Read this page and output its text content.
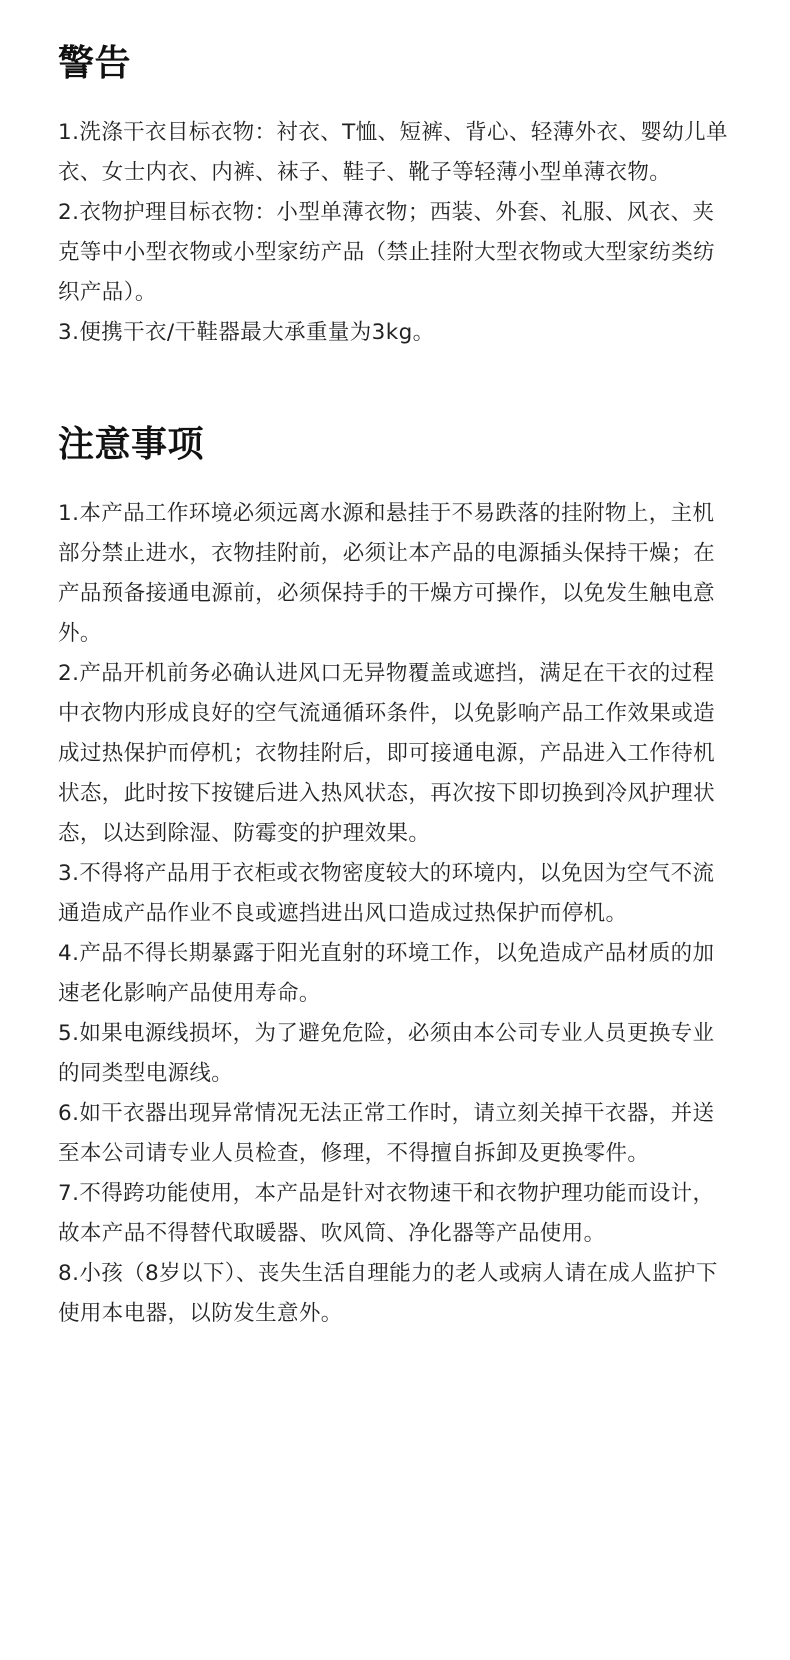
警告
1.洗涤干衣目标衣物：衬衣、T恤、短裤、背心、轻薄外衣、婴幼儿单衣、女士内衣、内裤、袜子、鞋子、靴子等轻薄小型单薄衣物。
2.衣物护理目标衣物：小型单薄衣物；西装、外套、礼服、风衣、夹克等中小型衣物或小型家纺产品（禁止挂附大型衣物或大型家纺类纺织产品）。
3.便携干衣/干鞋器最大承重量为3kg。
注意事项
1.本产品工作环境必须远离水源和悬挂于不易跌落的挂附物上，主机部分禁止进水，衣物挂附前，必须让本产品的电源插头保持干燥；在产品预备接通电源前，必须保持手的干燥方可操作，以免发生触电意外。
2.产品开机前务必确认进风口无异物覆盖或遮挡，满足在干衣的过程中衣物内形成良好的空气流通循环条件，以免影响产品工作效果或造成过热保护而停机；衣物挂附后，即可接通电源，产品进入工作待机状态，此时按下按键后进入热风状态，再次按下即切换到冷风护理状态，以达到除湿、防霉变的护理效果。
3.不得将产品用于衣柜或衣物密度较大的环境内，以免因为空气不流通造成产品作业不良或遮挡进出风口造成过热保护而停机。
4.产品不得长期暴露于阳光直射的环境工作，以免造成产品材质的加速老化影响产品使用寿命。
5.如果电源线损坏，为了避免危险，必须由本公司专业人员更换专业的同类型电源线。
6.如干衣器出现异常情况无法正常工作时，请立刻关掉干衣器，并送至本公司请专业人员检查，修理，不得擅自拆卸及更换零件。
7.不得跨功能使用，本产品是针对衣物速干和衣物护理功能而设计，故本产品不得替代取暖器、吹风筒、净化器等产品使用。
8.小孩（8岁以下）、丧失生活自理能力的老人或病人请在成人监护下使用本电器，以防发生意外。
